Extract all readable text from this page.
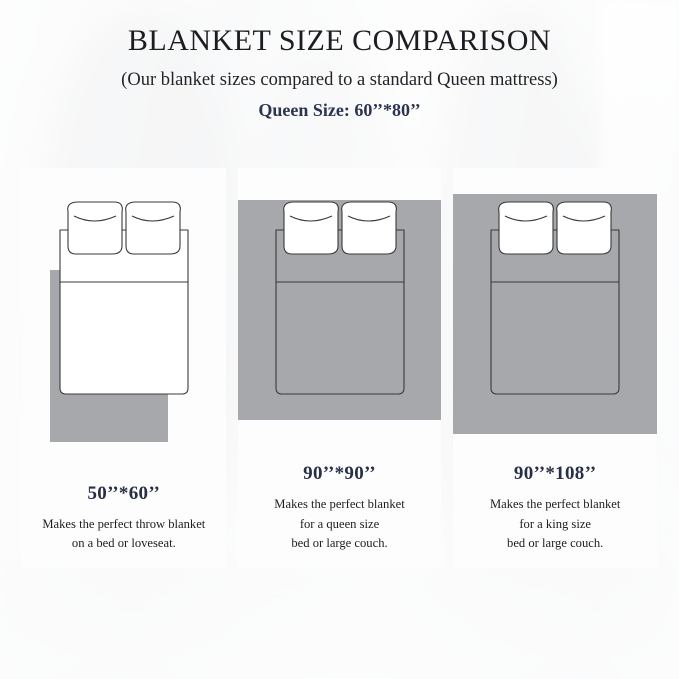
BLANKET SIZE COMPARISON

(Our blanket sizes compared to a standard Queen mattress)

Queen Size: 60’’*80’’

50’’*60’’

Makes the perfect throw blanket

on a bed or loveseat.

90’’*90’’

Makes the perfect blanket

for a queen size

bed or large couch.

90’’*108’’

Makes the perfect blanket

for a king size

bed or large couch.
